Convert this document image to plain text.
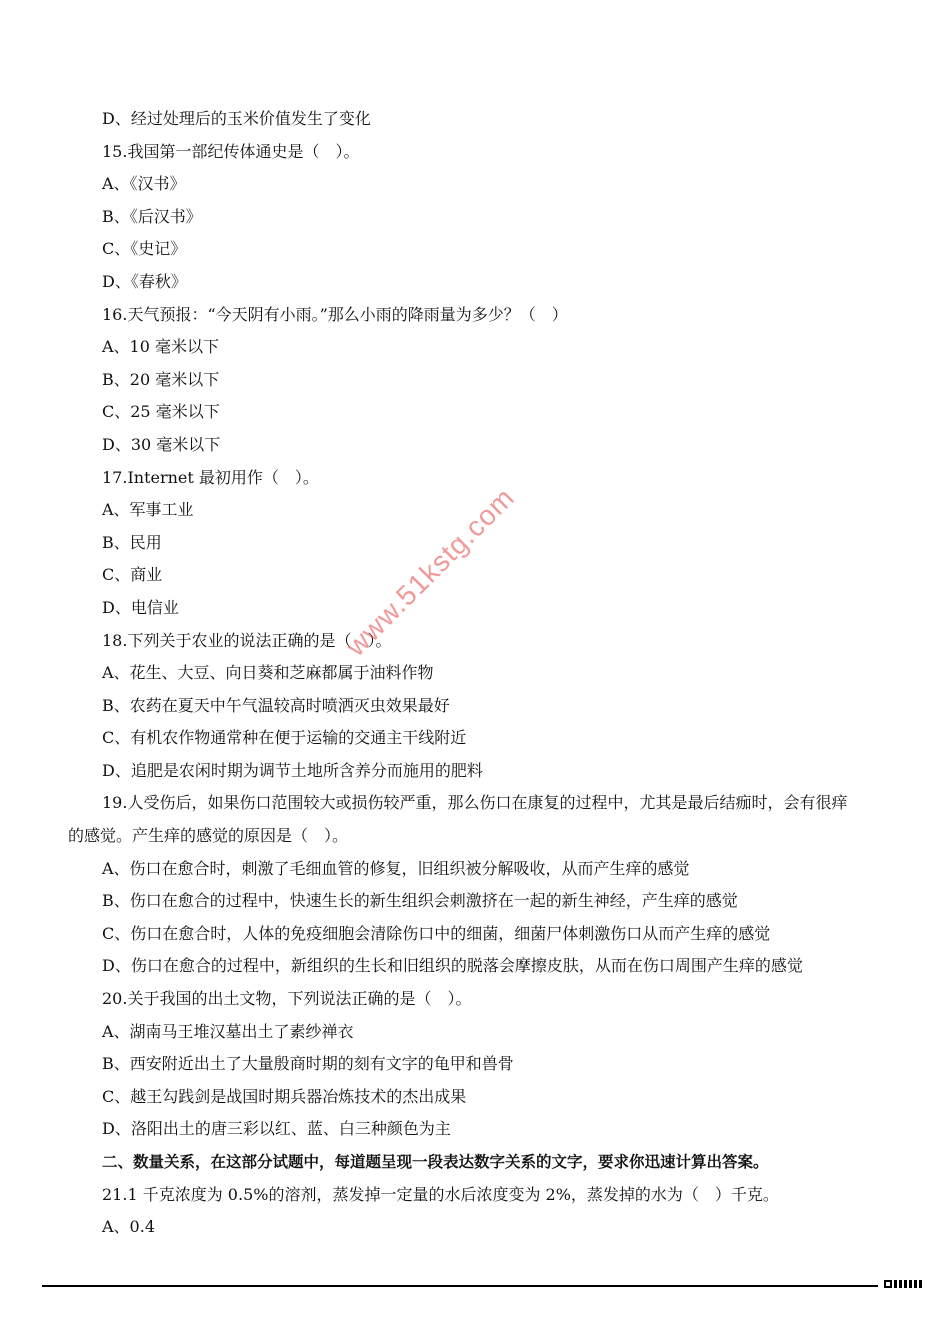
D、经过处理后的玉米价值发生了变化
15.我国第一部纪传体通史是（　）。
A、《汉书》
B、《后汉书》
C、《史记》
D、《春秋》
16.天气预报：“今天阴有小雨。”那么小雨的降雨量为多少？（　）
A、10 毫米以下
B、20 毫米以下
C、25 毫米以下
D、30 毫米以下
17.Internet 最初用作（　）。
A、军事工业
B、民用
C、商业
D、电信业
18.下列关于农业的说法正确的是（　）。
A、花生、大豆、向日葵和芝麻都属于油料作物
B、农药在夏天中午气温较高时喷洒灭虫效果最好
C、有机农作物通常种在便于运输的交通主干线附近
D、追肥是农闲时期为调节土地所含养分而施用的肥料
19.人受伤后，如果伤口范围较大或损伤较严重，那么伤口在康复的过程中，尤其是最后结痂时，会有很痒
的感觉。产生痒的感觉的原因是（　）。
A、伤口在愈合时，刺激了毛细血管的修复，旧组织被分解吸收，从而产生痒的感觉
B、伤口在愈合的过程中，快速生长的新生组织会刺激挤在一起的新生神经，产生痒的感觉
C、伤口在愈合时，人体的免疫细胞会清除伤口中的细菌，细菌尸体刺激伤口从而产生痒的感觉
D、伤口在愈合的过程中，新组织的生长和旧组织的脱落会摩擦皮肤，从而在伤口周围产生痒的感觉
20.关于我国的出土文物，下列说法正确的是（　）。
A、湖南马王堆汉墓出土了素纱禅衣
B、西安附近出土了大量殷商时期的刻有文字的龟甲和兽骨
C、越王勾践剑是战国时期兵器冶炼技术的杰出成果
D、洛阳出土的唐三彩以红、蓝、白三种颜色为主
二、数量关系，在这部分试题中，每道题呈现一段表达数字关系的文字，要求你迅速计算出答案。
21.1 千克浓度为 0.5%的溶剂，蒸发掉一定量的水后浓度变为 2%，蒸发掉的水为（　）千克。
A、0.4
www.51kstg.com
